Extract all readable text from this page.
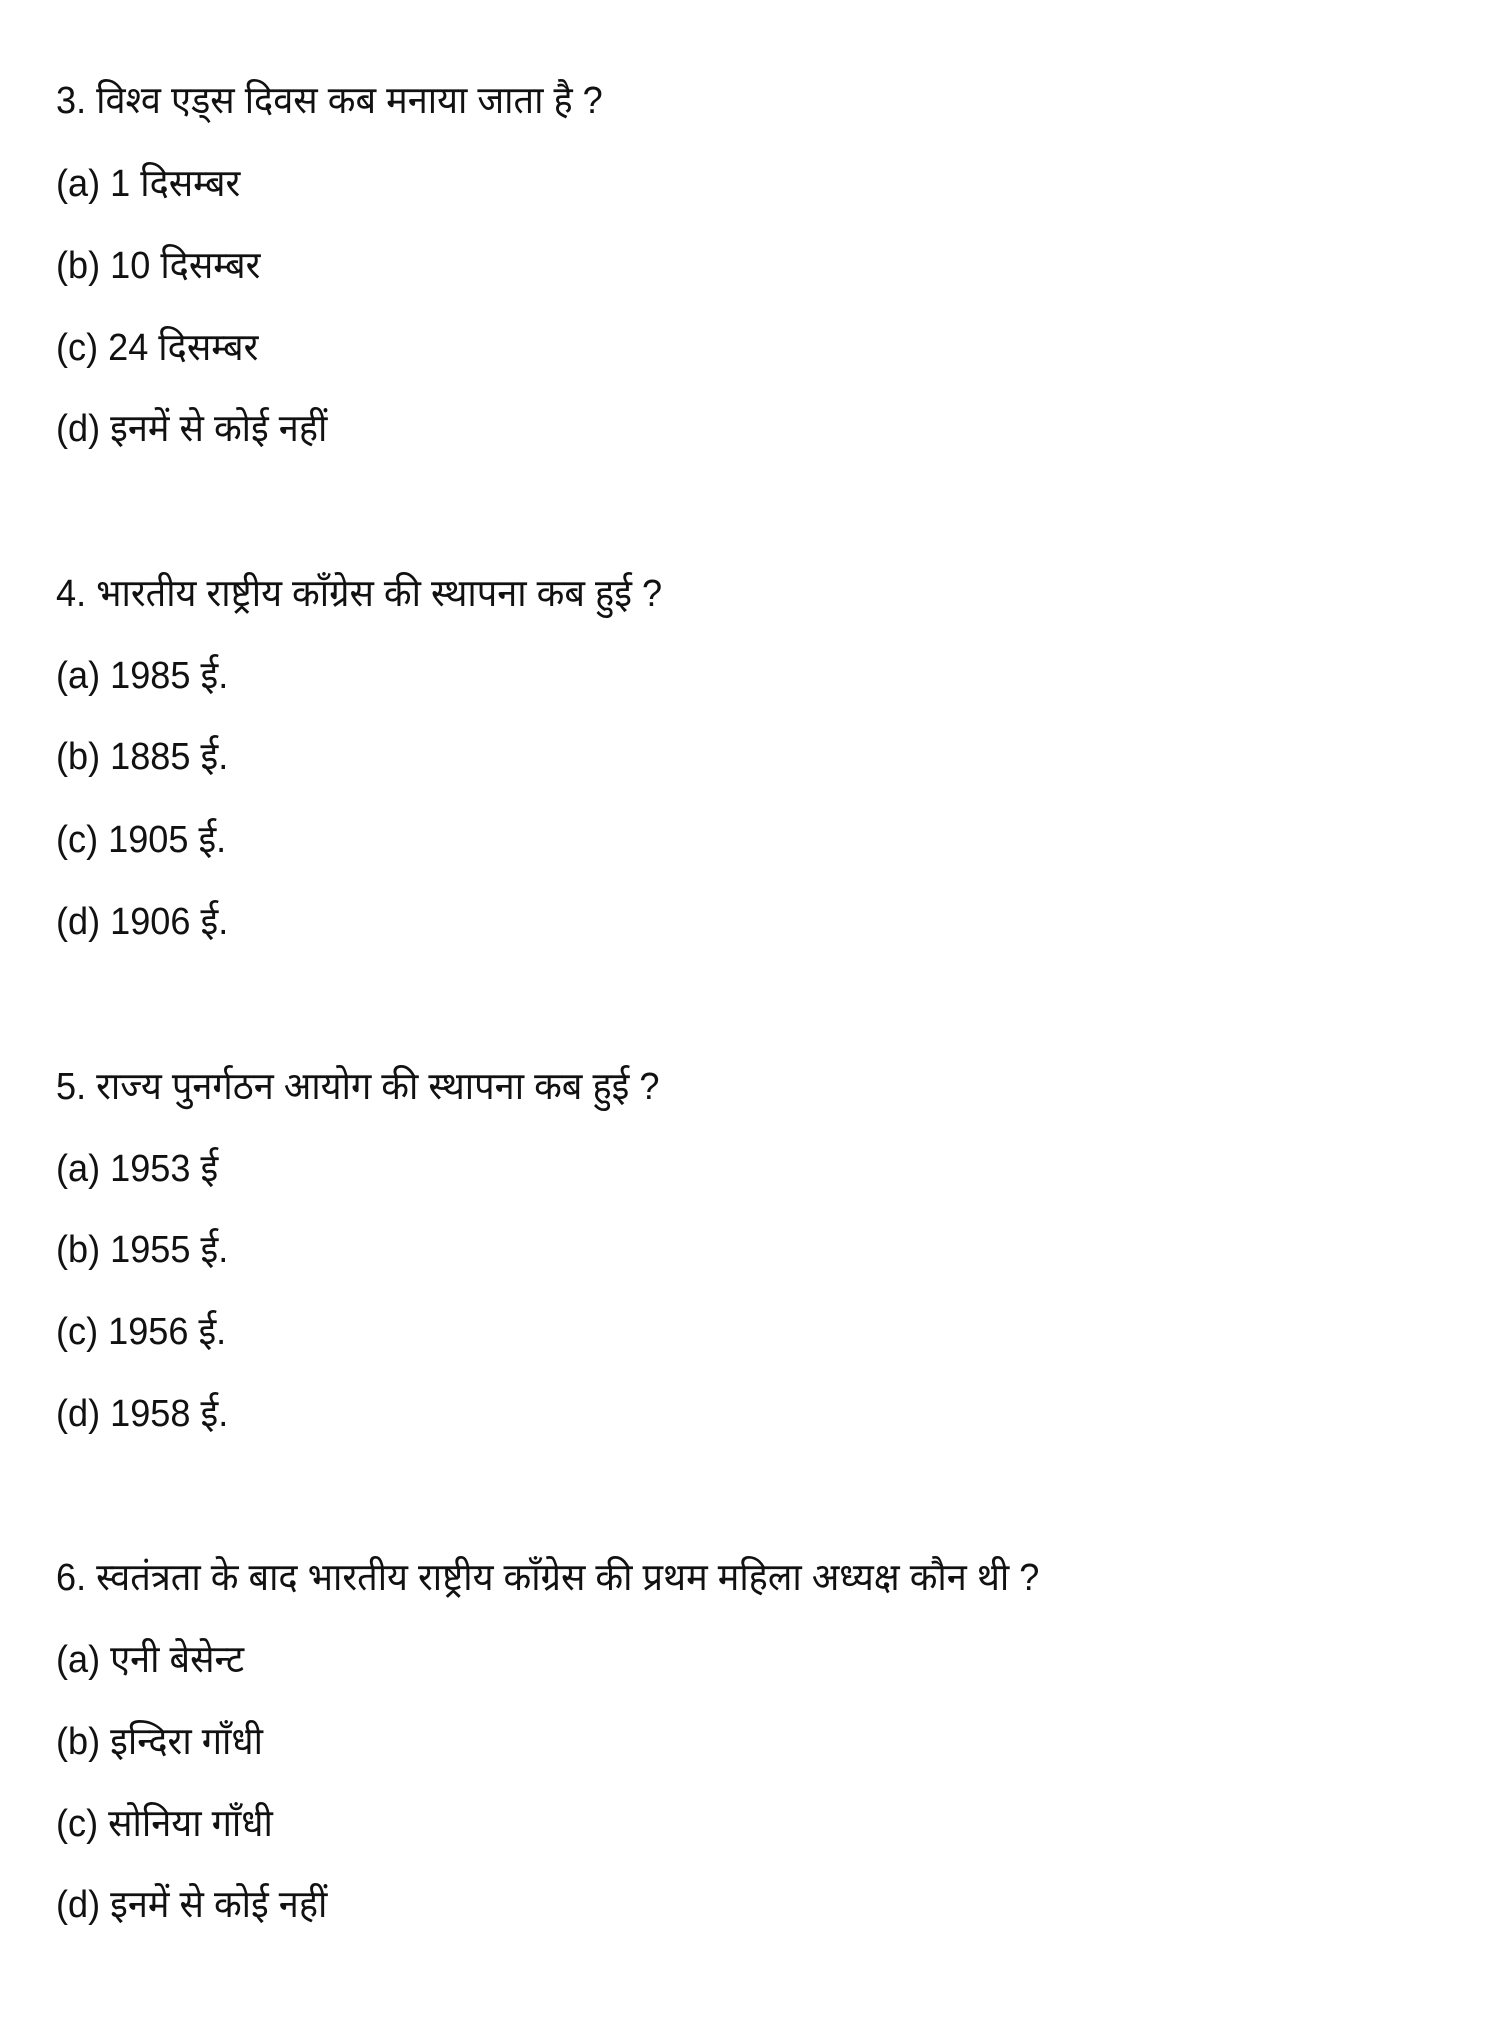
3. विश्व एड्स दिवस कब मनाया जाता है ?
(a) 1 दिसम्बर
(b) 10 दिसम्बर
(c) 24 दिसम्बर
(d) इनमें से कोई नहीं
4. भारतीय राष्ट्रीय कॉंग्रेस की स्थापना कब हुई ?
(a) 1985 ई.
(b) 1885 ई.
(c) 1905 ई.
(d) 1906 ई.
5. राज्य पुनर्गठन आयोग की स्थापना कब हुई ?
(a) 1953 ई
(b) 1955 ई.
(c) 1956 ई.
(d) 1958 ई.
6. स्वतंत्रता के बाद भारतीय राष्ट्रीय कॉंग्रेस की प्रथम महिला अध्यक्ष कौन थी ?
(a) एनी बेसेन्ट
(b) इन्दिरा गाँधी
(c) सोनिया गाँधी
(d) इनमें से कोई नहीं
